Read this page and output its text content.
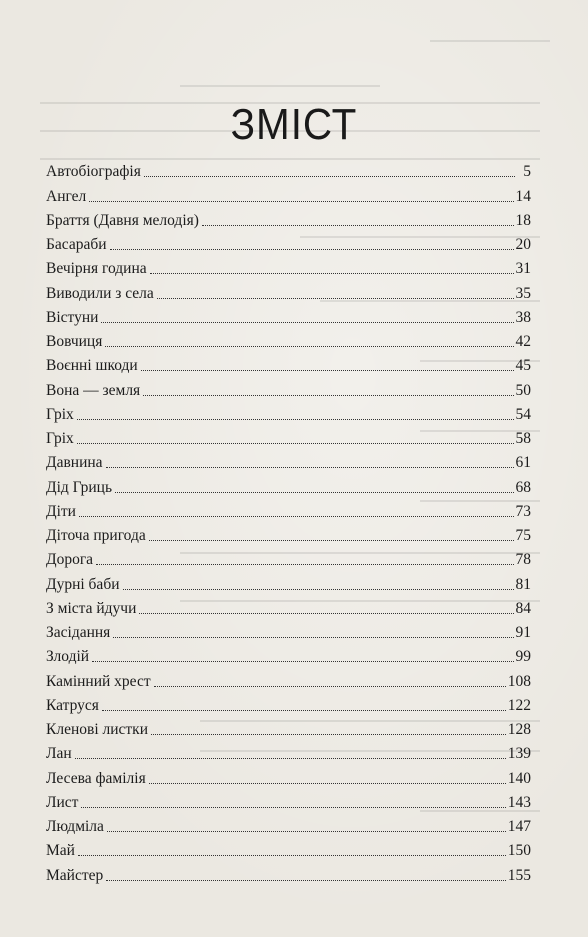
ЗМІСТ
Автобіографія	5
Ангел	14
Браття (Давня мелодія)	18
Басараби	20
Вечірня година	31
Виводили з села	35
Вістуни	38
Вовчиця	42
Воєнні шкоди	45
Вона — земля	50
Гріх	54
Гріх	58
Давнина	61
Дід Гриць	68
Діти	73
Діточа пригода	75
Дорога	78
Дурні баби	81
З міста йдучи	84
Засідання	91
Злодій	99
Камінний хрест	108
Катруся	122
Кленові листки	128
Лан	139
Лесева фамілія	140
Лист	143
Людміла	147
Май	150
Майстер	155
